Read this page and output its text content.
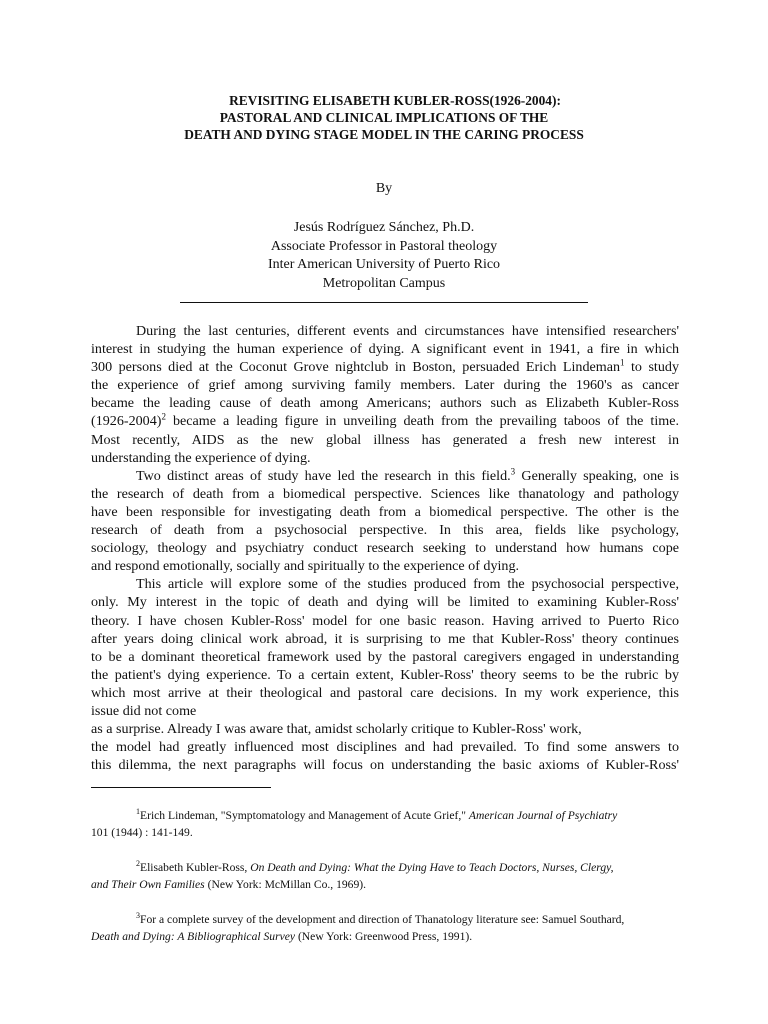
REVISITING ELISABETH KUBLER-ROSS(1926-2004):
PASTORAL AND CLINICAL IMPLICATIONS OF THE
DEATH AND DYING STAGE MODEL IN THE CARING PROCESS

By

Jesús Rodríguez Sánchez, Ph.D.
Associate Professor in Pastoral theology
Inter American University of Puerto Rico
Metropolitan Campus
During the last centuries, different events and circumstances have intensified researchers'
interest in studying the human experience of dying. A significant event in 1941, a fire in which
300 persons died at the Coconut Grove nightclub in Boston, persuaded Erich Lindeman$^1$ to study
the experience of grief among surviving family members. Later during the 1960's as cancer
became the leading cause of death among Americans; authors such as Elizabeth Kubler-Ross
(1926-2004)$^2$ became a leading figure in unveiling death from the prevailing taboos of the time.
Most recently, AIDS as the new global illness has generated a fresh new interest in
understanding the experience of dying.
Two distinct areas of study have led the research in this field.$^3$ Generally speaking, one is
the research of death from a biomedical perspective. Sciences like thanatology and pathology
have been responsible for investigating death from a biomedical perspective. The other is the
research of death from a psychosocial perspective. In this area, fields like psychology,
sociology, theology and psychiatry conduct research seeking to understand how humans cope
and respond emotionally, socially and spiritually to the experience of dying.
This article will explore some of the studies produced from the psychosocial perspective,
only. My interest in the topic of death and dying will be limited to examining Kubler-Ross'
theory. I have chosen Kubler-Ross' model for one basic reason. Having arrived to Puerto Rico
after years doing clinical work abroad, it is surprising to me that Kubler-Ross' theory continues
to be a dominant theoretical framework used by the pastoral caregivers engaged in understanding
the patient's dying experience. To a certain extent, Kubler-Ross' theory seems to be the rubric by
which most arrive at their theological and pastoral care decisions. In my work experience, this
issue did not come
as a surprise. Already I was aware that, amidst scholarly critique to Kubler-Ross' work,
the model had greatly influenced most disciplines and had prevailed. To find some answers to
this dilemma, the next paragraphs will focus on understanding the basic axioms of Kubler-Ross'
$^1$Erich Lindeman, "Symptomatology and Management of Acute Grief," American Journal of Psychiatry
101 (1944) : 141-149.
$^2$Elisabeth Kubler-Ross, On Death and Dying: What the Dying Have to Teach Doctors, Nurses, Clergy,
and Their Own Families (New York: McMillan Co., 1969).
$^3$For a complete survey of the development and direction of Thanatology literature see: Samuel Southard,
Death and Dying: A Bibliographical Survey (New York: Greenwood Press, 1991).
